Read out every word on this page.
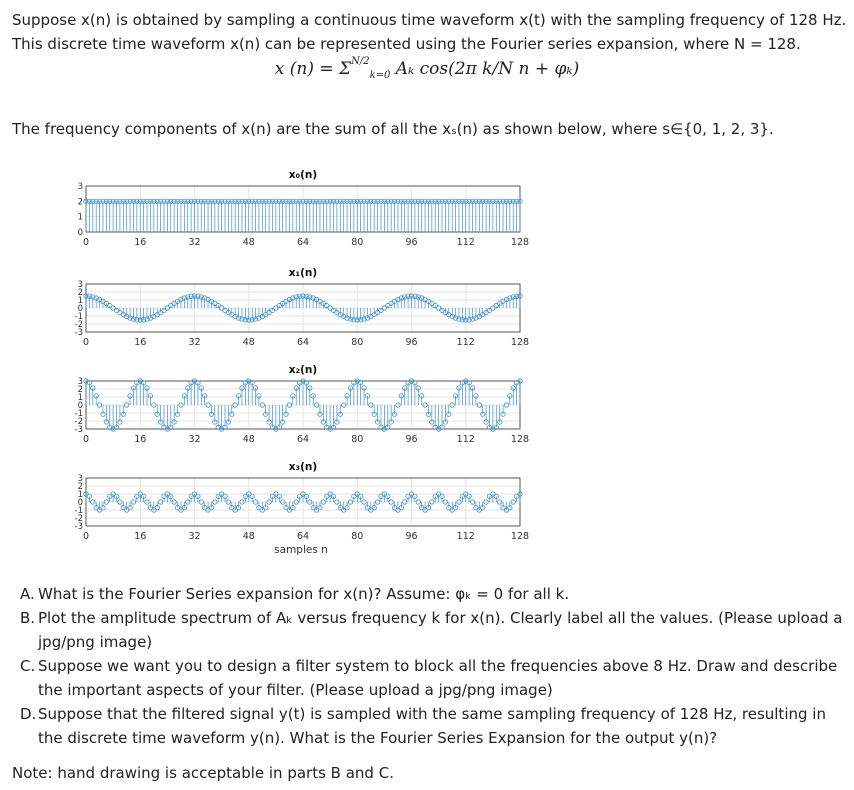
Suppose x(n) is obtained by sampling a continuous time waveform x(t) with the sampling frequency of 128 Hz.
This discrete time waveform x(n) can be represented using the Fourier series expansion, where N = 128.
x $(n) = \Sigma^{N/2}_{k=0}$ Aₖ cos(2π k/N n + φₖ)
The frequency components of x(n) are the sum of all the xₛ(n) as shown below, where s∈{0, 1, 2, 3}.
0	16	32	48	64	80	96	112	128
0
1
2
3
x₀(n)
0	16	32	48	64	80	96	112	128
-3
-2
-1
0
1
2
3
x₁(n)
0	16	32	48	64	80	96	112	128
-3
-2
-1
0
1
2
3
x₂(n)
0	16	32	48	64	80	96	112	128
-3
-2
-1
0
1
2
3
x₃(n)
samples n
A. What is the Fourier Series expansion for x(n)? Assume: φₖ = 0 for all k.
B. Plot the amplitude spectrum of Aₖ versus frequency k for x(n). Clearly label all the values. (Please upload a jpg/png image)
C. Suppose we want you to design a filter system to block all the frequencies above 8 Hz. Draw and describe the important aspects of your filter. (Please upload a jpg/png image)
D. Suppose that the filtered signal y(t) is sampled with the same sampling frequency of 128 Hz, resulting in the discrete time waveform y(n). What is the Fourier Series Expansion for the output y(n)?
Note: hand drawing is acceptable in parts B and C.
